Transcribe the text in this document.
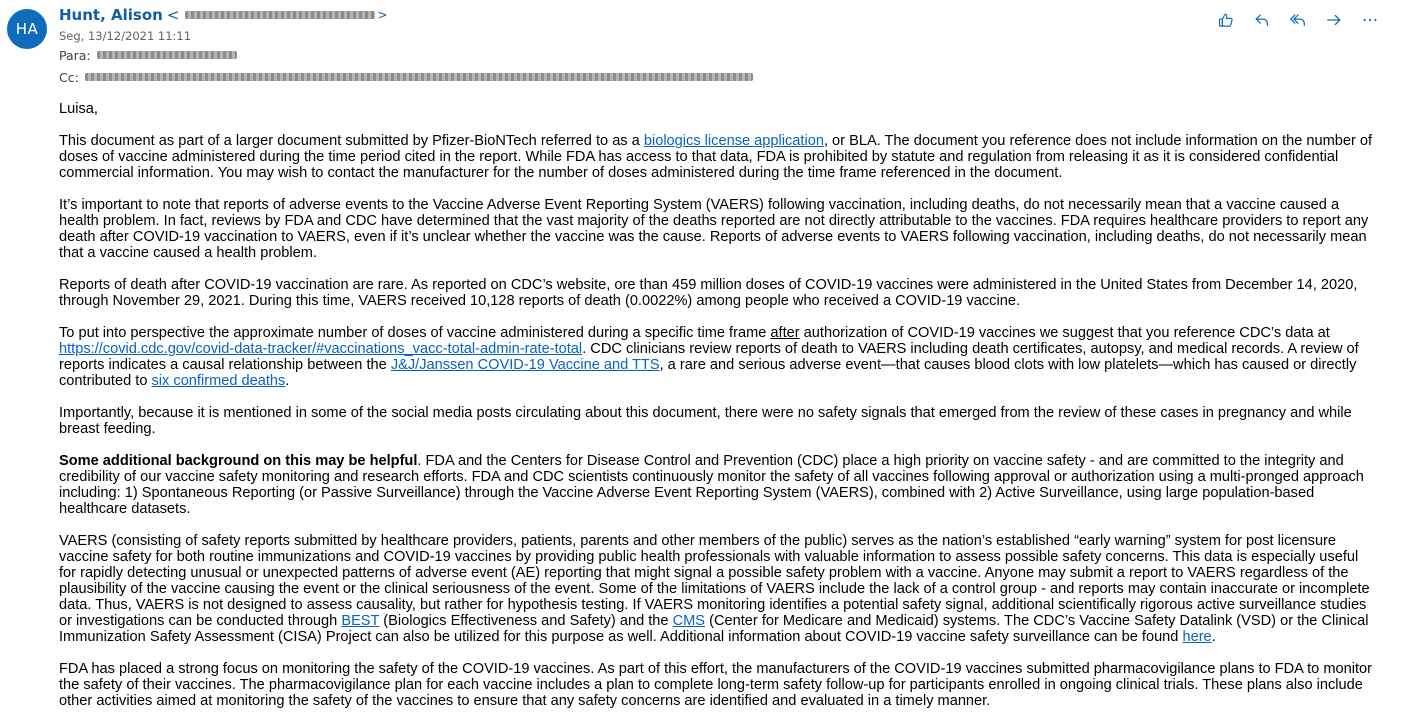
HA
Hunt, Alison <	>
Seg, 13/12/2021 11:11
Para:
Cc:

Luisa,

This document as part of a larger document submitted by Pfizer-BioNTech referred to as a biologics license application, or BLA. The document you reference does not include information on the number of doses of vaccine administered during the time period cited in the report. While FDA has access to that data, FDA is prohibited by statute and regulation from releasing it as it is considered confidential commercial information. You may wish to contact the manufacturer for the number of doses administered during the time frame referenced in the document.

It’s important to note that reports of adverse events to the Vaccine Adverse Event Reporting System (VAERS) following vaccination, including deaths, do not necessarily mean that a vaccine caused a health problem. In fact, reviews by FDA and CDC have determined that the vast majority of the deaths reported are not directly attributable to the vaccines. FDA requires healthcare providers to report any death after COVID-19 vaccination to VAERS, even if it’s unclear whether the vaccine was the cause. Reports of adverse events to VAERS following vaccination, including deaths, do not necessarily mean that a vaccine caused a health problem.

Reports of death after COVID-19 vaccination are rare. As reported on CDC’s website, ore than 459 million doses of COVID-19 vaccines were administered in the United States from December 14, 2020, through November 29, 2021. During this time, VAERS received 10,128 reports of death (0.0022%) among people who received a COVID-19 vaccine.

To put into perspective the approximate number of doses of vaccine administered during a specific time frame after authorization of COVID-19 vaccines we suggest that you reference CDC’s data at https://covid.cdc.gov/covid-data-tracker/#vaccinations_vacc-total-admin-rate-total. CDC clinicians review reports of death to VAERS including death certificates, autopsy, and medical records. A review of reports indicates a causal relationship between the J&J/Janssen COVID-19 Vaccine and TTS, a rare and serious adverse event—that causes blood clots with low platelets—which has caused or directly contributed to six confirmed deaths.

Importantly, because it is mentioned in some of the social media posts circulating about this document, there were no safety signals that emerged from the review of these cases in pregnancy and while breast feeding.

Some additional background on this may be helpful. FDA and the Centers for Disease Control and Prevention (CDC) place a high priority on vaccine safety - and are committed to the integrity and credibility of our vaccine safety monitoring and research efforts. FDA and CDC scientists continuously monitor the safety of all vaccines following approval or authorization using a multi-pronged approach including: 1) Spontaneous Reporting (or Passive Surveillance) through the Vaccine Adverse Event Reporting System (VAERS), combined with 2) Active Surveillance, using large population-based healthcare datasets.

VAERS (consisting of safety reports submitted by healthcare providers, patients, parents and other members of the public) serves as the nation’s established “early warning” system for post licensure vaccine safety for both routine immunizations and COVID-19 vaccines by providing public health professionals with valuable information to assess possible safety concerns. This data is especially useful for rapidly detecting unusual or unexpected patterns of adverse event (AE) reporting that might signal a possible safety problem with a vaccine. Anyone may submit a report to VAERS regardless of the plausibility of the vaccine causing the event or the clinical seriousness of the event. Some of the limitations of VAERS include the lack of a control group - and reports may contain inaccurate or incomplete data. Thus, VAERS is not designed to assess causality, but rather for hypothesis testing. If VAERS monitoring identifies a potential safety signal, additional scientifically rigorous active surveillance studies or investigations can be conducted through BEST (Biologics Effectiveness and Safety) and the CMS (Center for Medicare and Medicaid) systems. The CDC’s Vaccine Safety Datalink (VSD) or the Clinical Immunization Safety Assessment (CISA) Project can also be utilized for this purpose as well. Additional information about COVID-19 vaccine safety surveillance can be found here.

FDA has placed a strong focus on monitoring the safety of the COVID-19 vaccines. As part of this effort, the manufacturers of the COVID-19 vaccines submitted pharmacovigilance plans to FDA to monitor the safety of their vaccines. The pharmacovigilance plan for each vaccine includes a plan to complete long-term safety follow-up for participants enrolled in ongoing clinical trials. These plans also include other activities aimed at monitoring the safety of the vaccines to ensure that any safety concerns are identified and evaluated in a timely manner.
